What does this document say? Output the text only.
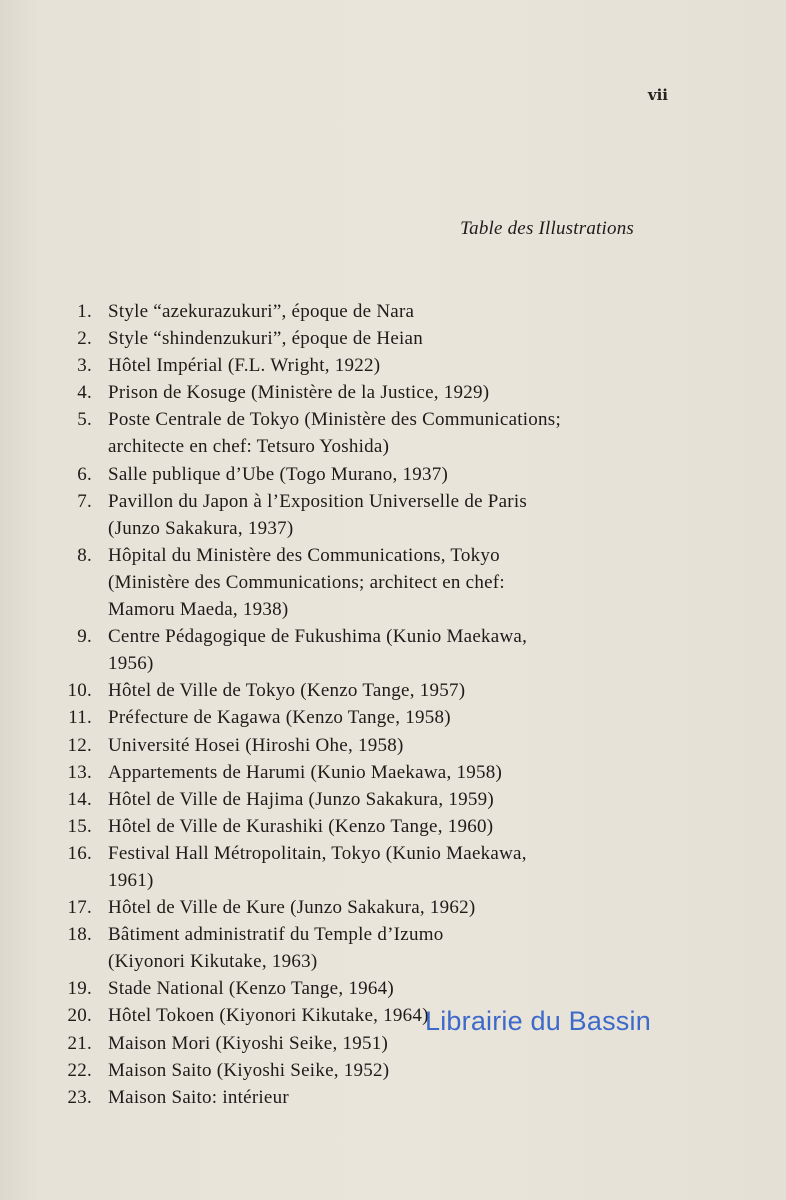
vii
Table des Illustrations
1. Style “azekurazukuri”, époque de Nara
2. Style “shindenzukuri”, époque de Heian
3. Hôtel Impérial (F.L. Wright, 1922)
4. Prison de Kosuge (Ministère de la Justice, 1929)
5. Poste Centrale de Tokyo (Ministère des Communications;
architecte en chef: Tetsuro Yoshida)
6. Salle publique d’Ube (Togo Murano, 1937)
7. Pavillon du Japon à l’Exposition Universelle de Paris
(Junzo Sakakura, 1937)
8. Hôpital du Ministère des Communications, Tokyo
(Ministère des Communications; architect en chef:
Mamoru Maeda, 1938)
9. Centre Pédagogique de Fukushima (Kunio Maekawa,
1956)
10. Hôtel de Ville de Tokyo (Kenzo Tange, 1957)
11. Préfecture de Kagawa (Kenzo Tange, 1958)
12. Université Hosei (Hiroshi Ohe, 1958)
13. Appartements de Harumi (Kunio Maekawa, 1958)
14. Hôtel de Ville de Hajima (Junzo Sakakura, 1959)
15. Hôtel de Ville de Kurashiki (Kenzo Tange, 1960)
16. Festival Hall Métropolitain, Tokyo (Kunio Maekawa,
1961)
17. Hôtel de Ville de Kure (Junzo Sakakura, 1962)
18. Bâtiment administratif du Temple d’Izumo
(Kiyonori Kikutake, 1963)
19. Stade National (Kenzo Tange, 1964)
20. Hôtel Tokoen (Kiyonori Kikutake, 1964)
21. Maison Mori (Kiyoshi Seike, 1951)
22. Maison Saito (Kiyoshi Seike, 1952)
23. Maison Saito: intérieur
Librairie du Bassin
